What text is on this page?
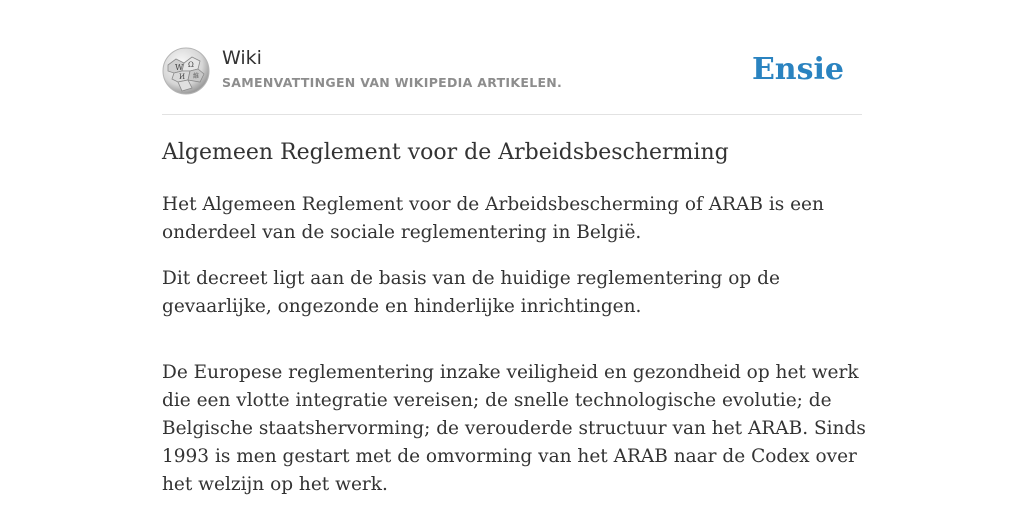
W Ω
И 維
Wiki
SAMENVATTINGEN VAN WIKIPEDIA ARTIKELEN.	Ensie
Algemeen Reglement voor de Arbeidsbescherming

Het Algemeen Reglement voor de Arbeidsbescherming of ARAB is een onderdeel van de sociale reglementering in België.

Dit decreet ligt aan de basis van de huidige reglementering op de gevaarlijke, ongezonde en hinderlijke inrichtingen.

De Europese reglementering inzake veiligheid en gezondheid op het werk die een vlotte integratie vereisen; de snelle technologische evolutie; de Belgische staatshervorming; de verouderde structuur van het ARAB. Sinds 1993 is men gestart met de omvorming van het ARAB naar de Codex over het welzijn op het werk.
